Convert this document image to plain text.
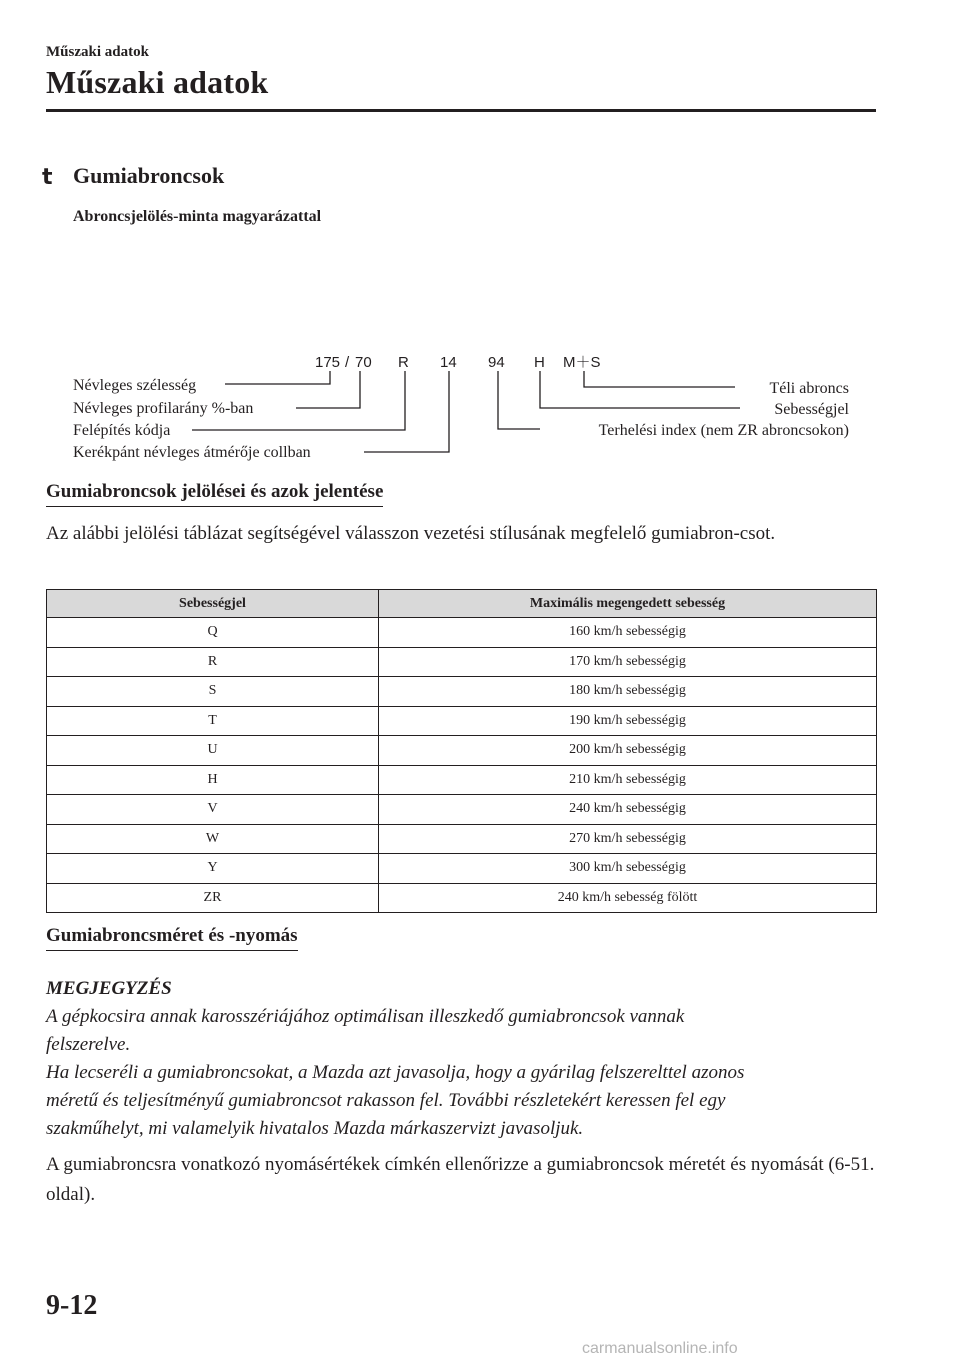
Műszaki adatok
Műszaki adatok
t Gumiabroncsok
Abroncsjelölés-minta magyarázattal
175 / 70 R 14 94 H M＋S
Névleges szélesség
Névleges profilarány %-ban
Felépítés kódja
Kerékpánt névleges átmérője collban
Téli abroncs
Sebességjel
Terhelési index (nem ZR abroncsokon)
Gumiabroncsok jelölései és azok jelentése
Az alábbi jelölési táblázat segítségével válasszon vezetési stílusának megfelelő gumiabron-csot.
Sebességjel	Maximális megengedett sebesség
Q	160 km/h sebességig
R	170 km/h sebességig
S	180 km/h sebességig
T	190 km/h sebességig
U	200 km/h sebességig
H	210 km/h sebességig
V	240 km/h sebességig
W	270 km/h sebességig
Y	300 km/h sebességig
ZR	240 km/h sebesség fölött
Gumiabroncsméret és -nyomás
MEGJEGYZÉS
A gépkocsira annak karosszériájához optimálisan illeszkedő gumiabroncsok vannak
felszerelve.
Ha lecseréli a gumiabroncsokat, a Mazda azt javasolja, hogy a gyárilag felszerelttel azonos
méretű és teljesítményű gumiabroncsot rakasson fel. További részletekért keressen fel egy
szakműhelyt, mi valamelyik hivatalos Mazda márkaszervizt javasoljuk.
A gumiabroncsra vonatkozó nyomásértékek címkén ellenőrizze a gumiabroncsok méretét és nyomását (6-51. oldal).
9-12
carmanualsonline.info
